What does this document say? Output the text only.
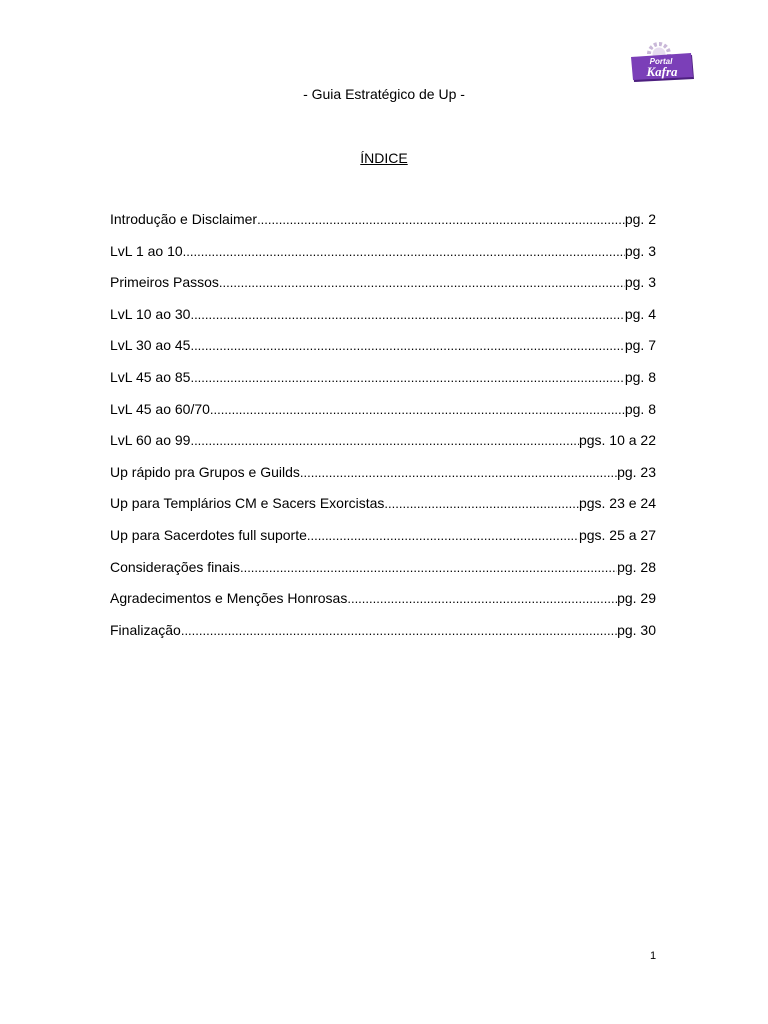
Portal
Kafra
- Guia Estratégico de Up -
ÍNDICE
Introdução e Disclaimer .....	pg. 2
LvL 1 ao 10 .....	pg. 3
Primeiros Passos .....	pg. 3
LvL 10 ao 30 .....	pg. 4
LvL 30 ao 45 .....	pg. 7
LvL 45 ao 85 .....	pg. 8
LvL 45 ao 60/70 .....	pg. 8
LvL 60 ao 99 .....	pgs. 10 a 22
Up rápido pra Grupos e Guilds .....	pg. 23
Up para Templários CM e Sacers Exorcistas .....	pgs. 23 e 24
Up para Sacerdotes full suporte .....	pgs. 25 a 27
Considerações finais .....	pg. 28
Agradecimentos e Menções Honrosas .....	pg. 29
Finalização .....	pg. 30
1
